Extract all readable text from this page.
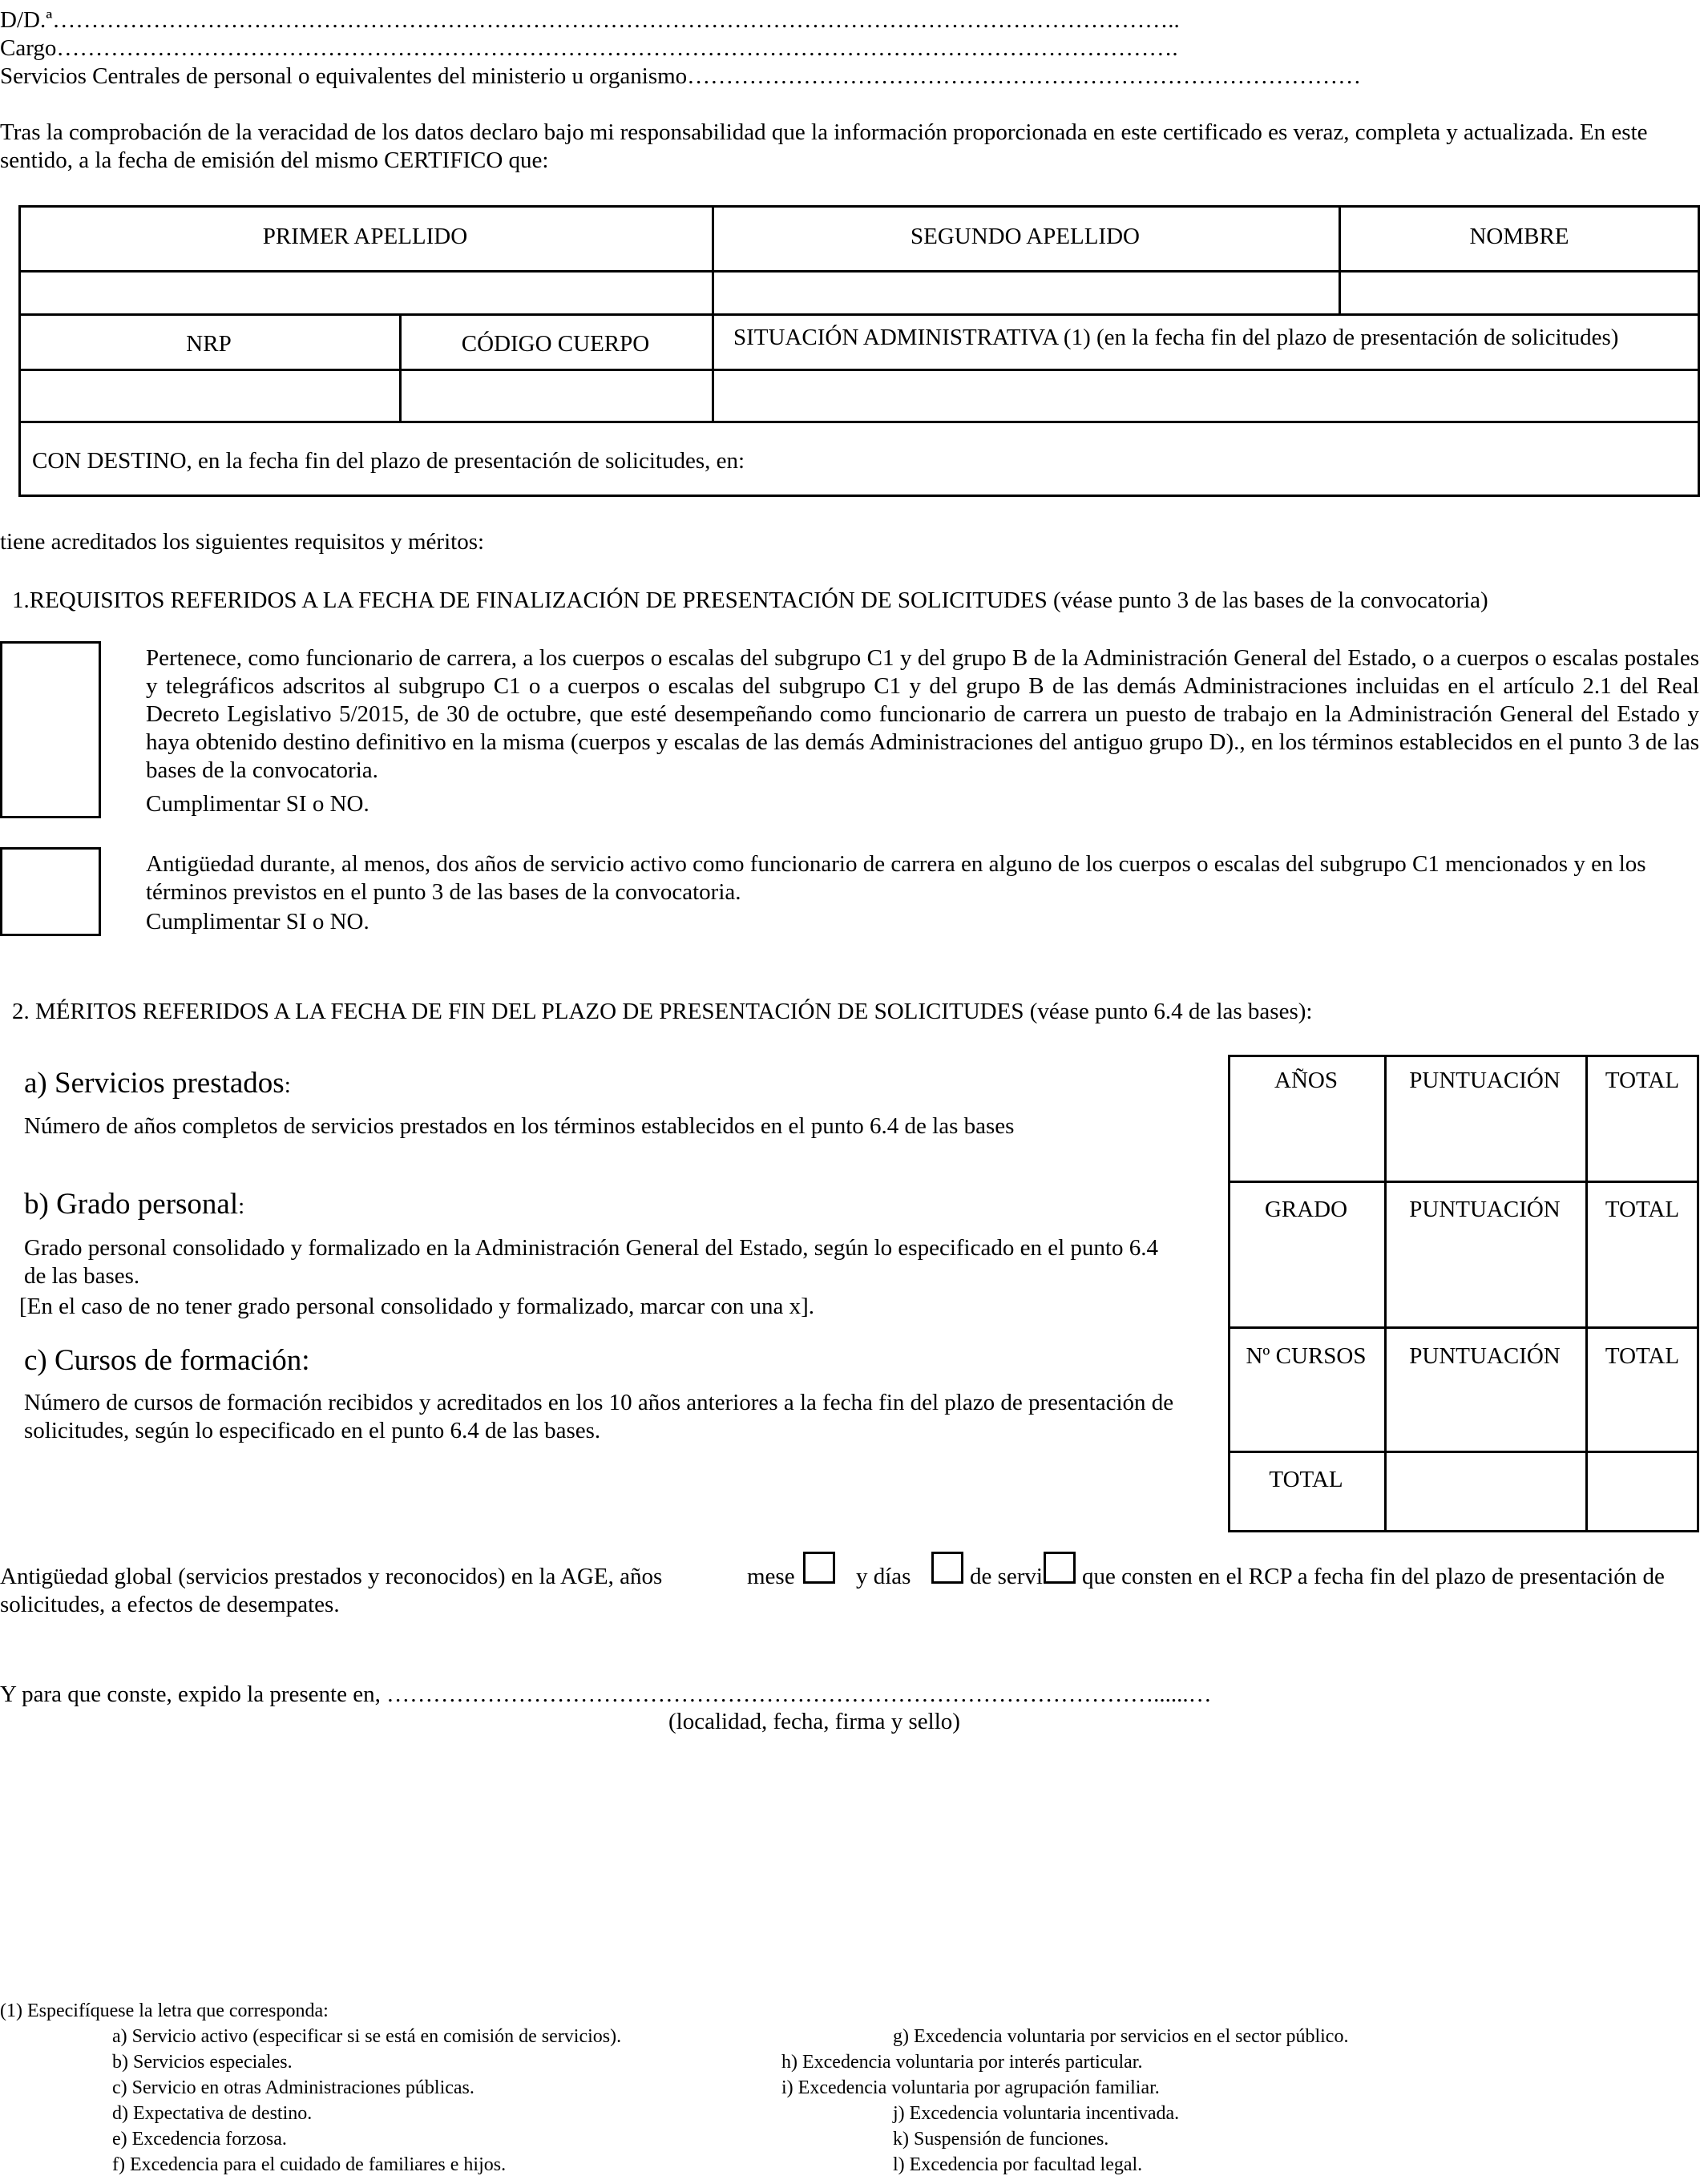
D/D.ª………………………………………………………………………………………………………………………………..
Cargo……………………………………………………………………………………………………………………………….
Servicios Centrales de personal o equivalentes del ministerio u organismo……………………………………………………………………………
Tras la comprobación de la veracidad de los datos declaro bajo mi responsabilidad que la información proporcionada en este certificado es veraz, completa y actualizada. En este sentido, a la fecha de emisión del mismo CERTIFICO que:
PRIMER APELLIDO	SEGUNDO APELLIDO	NOMBRE
NRP	CÓDIGO CUERPO	SITUACIÓN ADMINISTRATIVA (1) (en la fecha fin del plazo de presentación de solicitudes)
CON DESTINO, en la fecha fin del plazo de presentación de solicitudes, en:
tiene acreditados los siguientes requisitos y méritos:
1.REQUISITOS REFERIDOS A LA FECHA DE FINALIZACIÓN DE PRESENTACIÓN DE SOLICITUDES (véase punto 3 de las bases de la convocatoria)
Pertenece, como funcionario de carrera, a los cuerpos o escalas del subgrupo C1 y del grupo B de la Administración General del Estado, o a cuerpos o escalas postales y telegráficos adscritos al subgrupo C1 o a cuerpos o escalas del subgrupo C1 y del grupo B de las demás Administraciones incluidas en el artículo 2.1 del Real Decreto Legislativo 5/2015, de 30 de octubre, que esté desempeñando como funcionario de carrera un puesto de trabajo en la Administración General del Estado y haya obtenido destino definitivo en la misma (cuerpos y escalas de las demás Administraciones del antiguo grupo D)., en los términos establecidos en el punto 3 de las bases de la convocatoria.
Cumplimentar SI o NO.
Antigüedad durante, al menos, dos años de servicio activo como funcionario de carrera en alguno de los cuerpos o escalas del subgrupo C1 mencionados y en los términos previstos en el punto 3 de las bases de la convocatoria.
Cumplimentar SI o NO.
2. MÉRITOS REFERIDOS A LA FECHA DE FIN DEL PLAZO DE PRESENTACIÓN DE SOLICITUDES (véase punto 6.4 de las bases):
a) Servicios prestados:
Número de años completos de servicios prestados en los términos establecidos en el punto 6.4 de las bases
b) Grado personal:
Grado personal consolidado y formalizado en la Administración General del Estado, según lo especificado en el punto 6.4 de las bases.
[En el caso de no tener grado personal consolidado y formalizado, marcar con una x].
c) Cursos de formación:
Número de cursos de formación recibidos y acreditados en los 10 años anteriores a la fecha fin del plazo de presentación de solicitudes, según lo especificado en el punto 6.4 de las bases.
AÑOS	PUNTUACIÓN	TOTAL
GRADO	PUNTUACIÓN	TOTAL
Nº CURSOS	PUNTUACIÓN	TOTAL
TOTAL
Antigüedad global (servicios prestados y reconocidos) en la AGE, años	mese	y días	de servi que consten en el RCP a fecha fin del plazo de presentación de
solicitudes, a efectos de desempates.
Y para que conste, expido la presente en, ………………………………………………………………………………………......…
(localidad, fecha, firma y sello)
(1) Especifíquese la letra que corresponda:
a) Servicio activo (especificar si se está en comisión de servicios).
b) Servicios especiales.
c) Servicio en otras Administraciones públicas.
d) Expectativa de destino.
e) Excedencia forzosa.
f) Excedencia para el cuidado de familiares e hijos.
g) Excedencia voluntaria por servicios en el sector público.
h) Excedencia voluntaria por interés particular.
i) Excedencia voluntaria por agrupación familiar.
j) Excedencia voluntaria incentivada.
k) Suspensión de funciones.
l) Excedencia por facultad legal.
